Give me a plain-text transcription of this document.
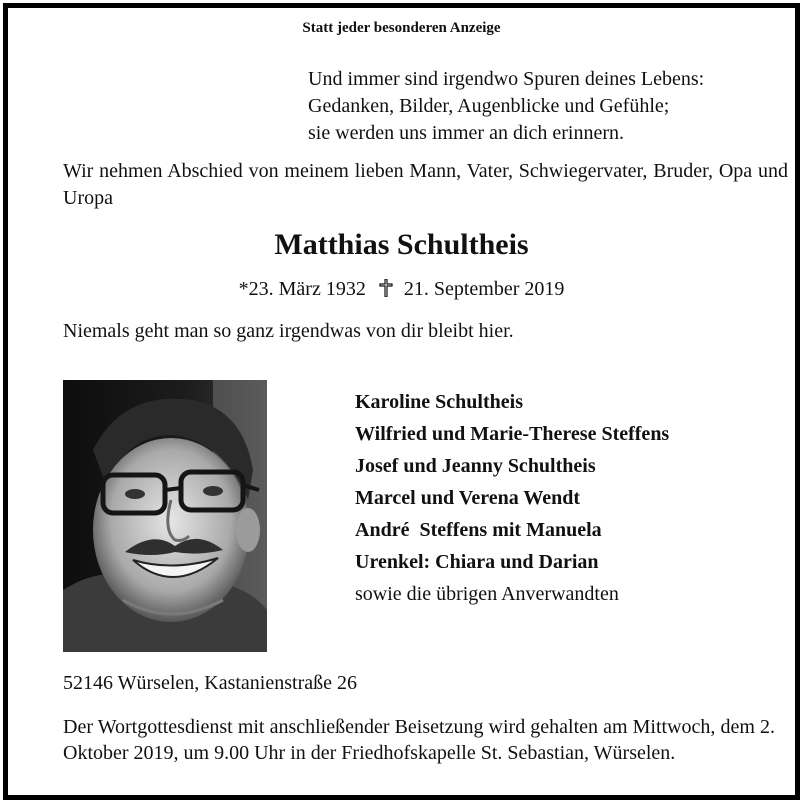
Statt jeder besonderen Anzeige
Und immer sind irgendwo Spuren deines Lebens:
Gedanken, Bilder, Augenblicke und Gefühle;
sie werden uns immer an dich erinnern.
Wir nehmen Abschied von meinem lieben Mann, Vater, Schwiegervater, Bruder, Opa und Uropa
Matthias Schultheis
*23. März 1932 21. September 2019
Niemals geht man so ganz irgendwas von dir bleibt hier.
Karoline Schultheis
Wilfried und Marie-Therese Steffens
Josef und Jeanny Schultheis
Marcel und Verena Wendt
André  Steffens mit Manuela
Urenkel: Chiara und Darian
sowie die übrigen Anverwandten
52146 Würselen, Kastanienstraße 26
Der Wortgottesdienst mit anschließender Beisetzung wird gehalten am Mittwoch, dem 2. Oktober 2019, um 9.00 Uhr in der Friedhofskapelle St. Sebastian, Würselen.
